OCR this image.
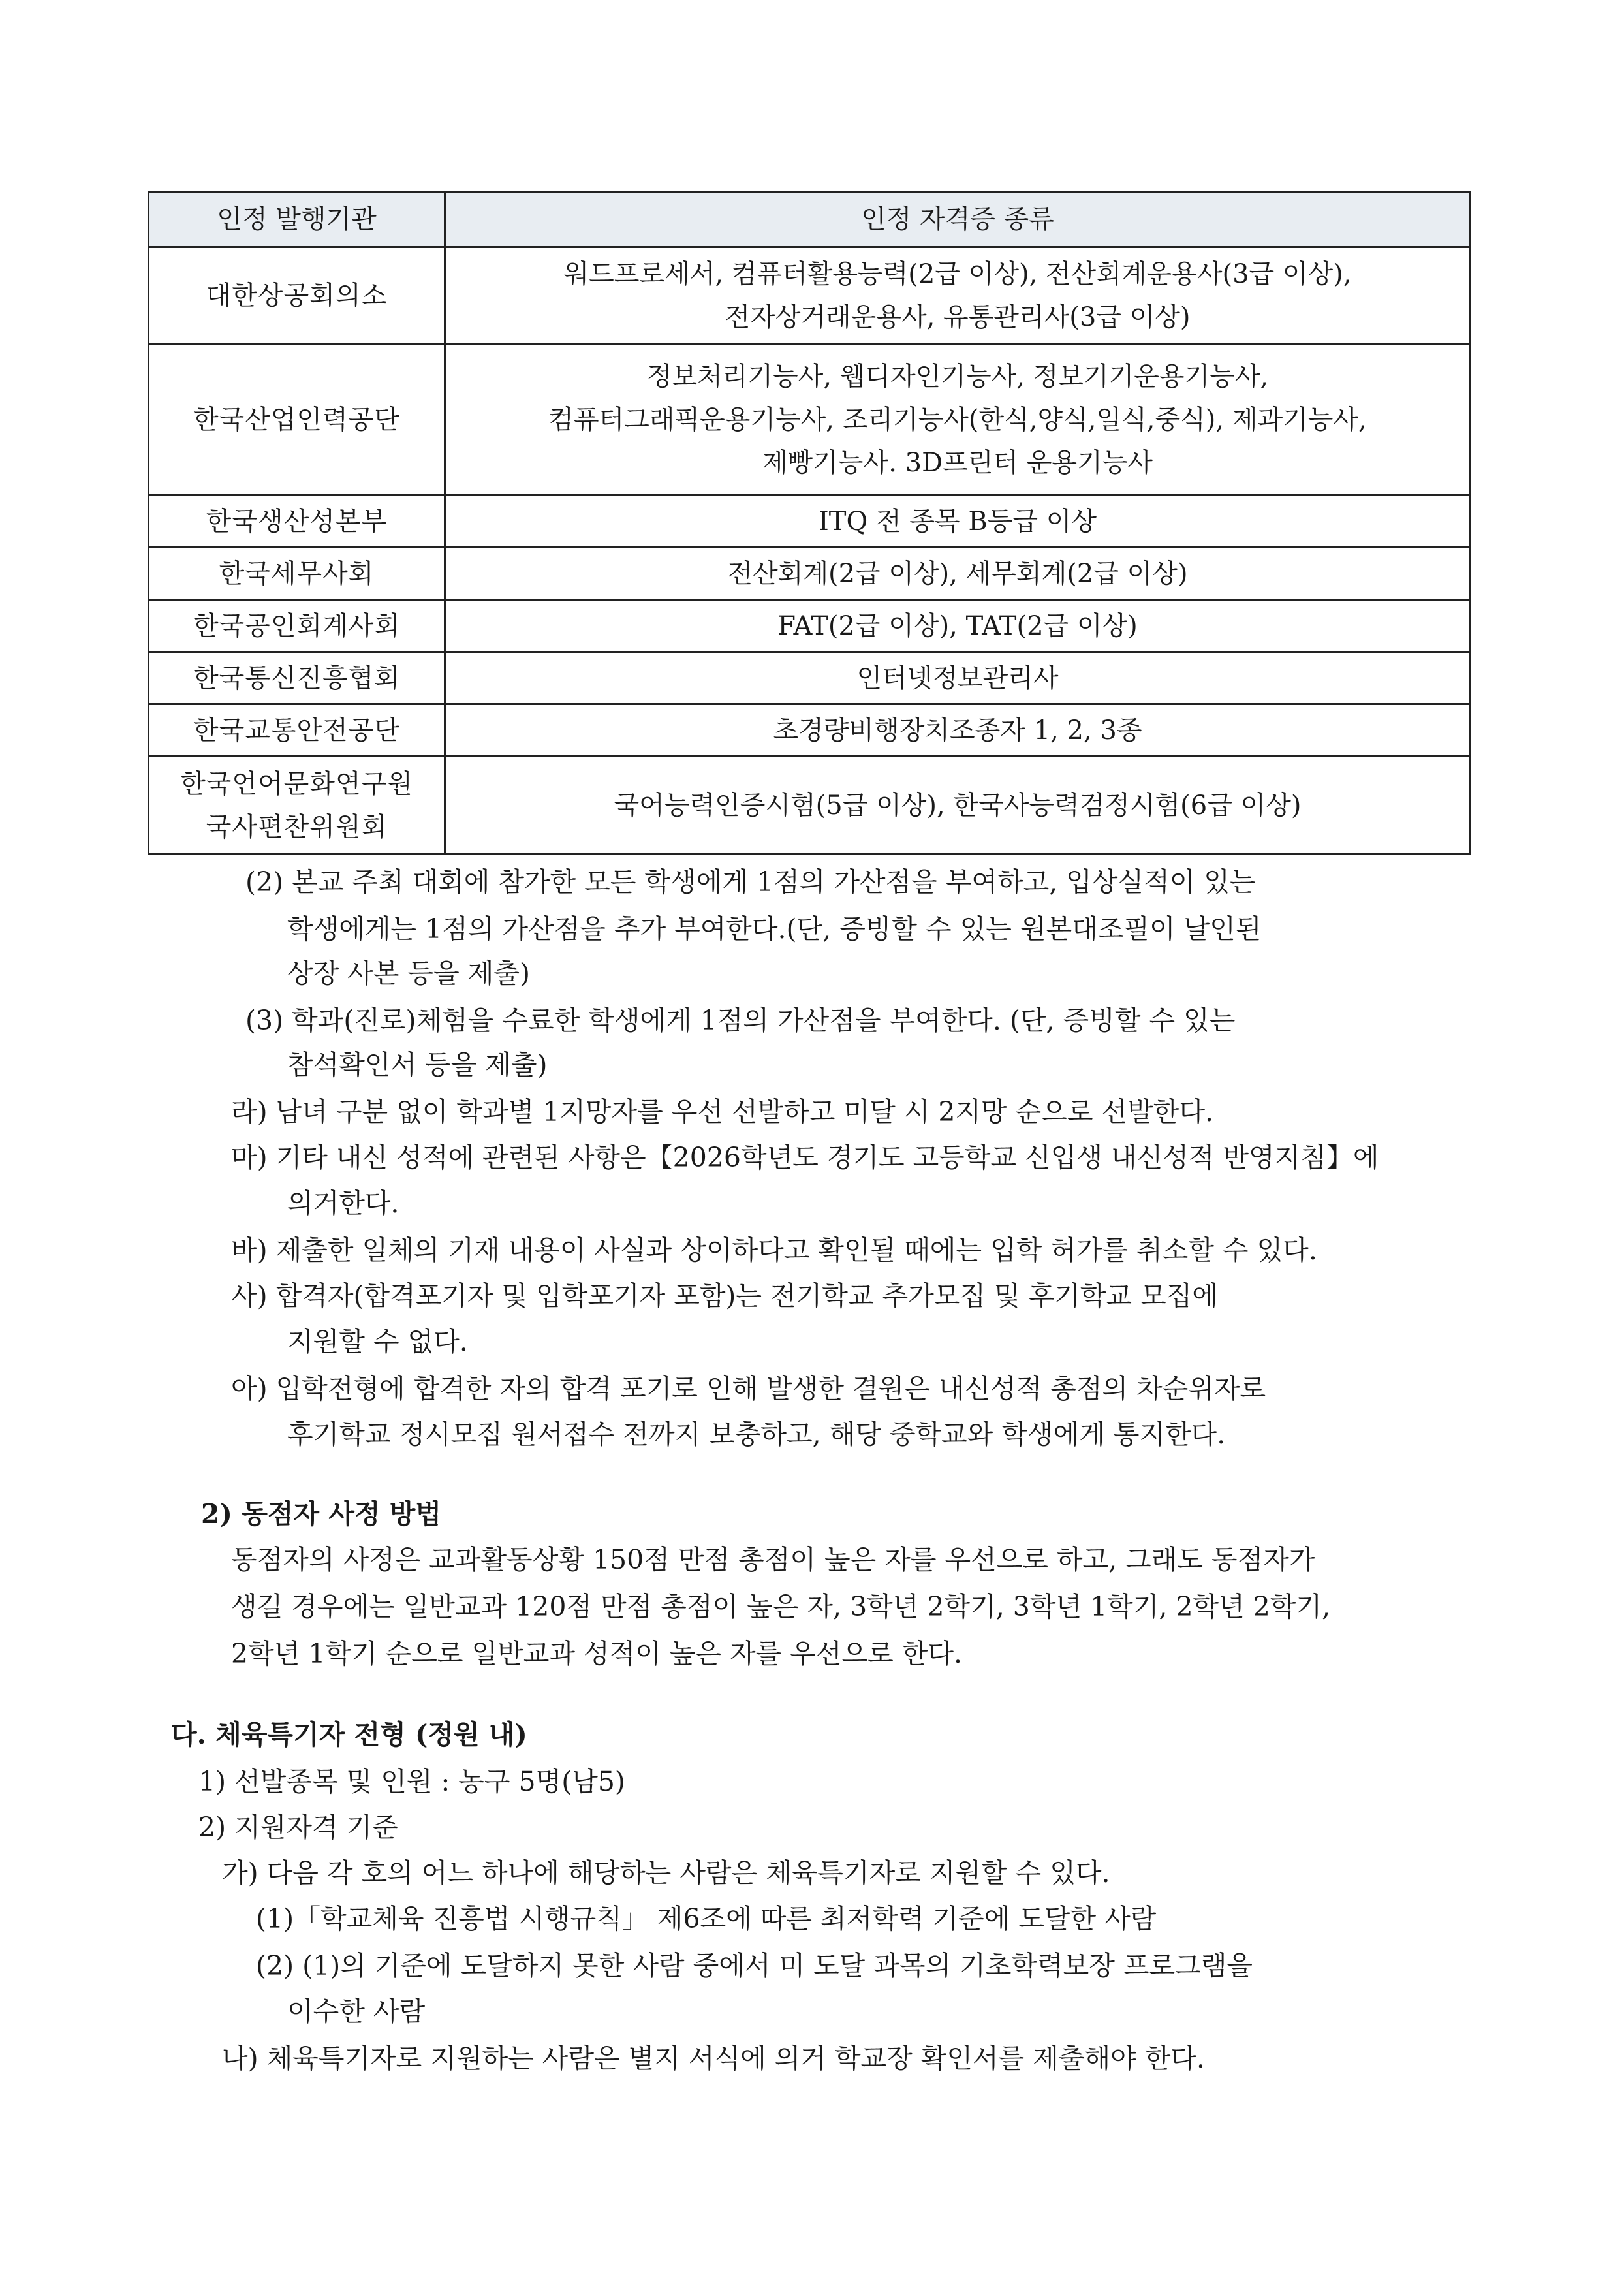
인정 발행기관	인정 자격증 종류
대한상공회의소	워드프로세서, 컴퓨터활용능력(2급 이상), 전산회계운용사(3급 이상),
전자상거래운용사, 유통관리사(3급 이상)

한국산업인력공단	정보처리기능사, 웹디자인기능사, 정보기기운용기능사,
컴퓨터그래픽운용기능사, 조리기능사(한식,양식,일식,중식), 제과기능사,
제빵기능사. 3D프린터 운용기능사

한국생산성본부	ITQ 전 종목 B등급 이상
한국세무사회	전산회계(2급 이상), 세무회계(2급 이상)
한국공인회계사회	FAT(2급 이상), TAT(2급 이상)
한국통신진흥협회	인터넷정보관리사
한국교통안전공단	초경량비행장치조종자 1, 2, 3종

한국언어문화연구원
국사편찬위원회	국어능력인증시험(5급 이상), 한국사능력검정시험(6급 이상)
(2) 본교 주최 대회에 참가한 모든 학생에게 1점의 가산점을 부여하고, 입상실적이 있는
학생에게는 1점의 가산점을 추가 부여한다.(단, 증빙할 수 있는 원본대조필이 날인된
상장 사본 등을 제출)
(3) 학과(진로)체험을 수료한 학생에게 1점의 가산점을 부여한다. (단, 증빙할 수 있는
참석확인서 등을 제출)
라) 남녀 구분 없이 학과별 1지망자를 우선 선발하고 미달 시 2지망 순으로 선발한다.
마) 기타 내신 성적에 관련된 사항은【2026학년도 경기도 고등학교 신입생 내신성적 반영지침】에
의거한다.
바) 제출한 일체의 기재 내용이 사실과 상이하다고 확인될 때에는 입학 허가를 취소할 수 있다.
사) 합격자(합격포기자 및 입학포기자 포함)는 전기학교 추가모집 및 후기학교 모집에
지원할 수 없다.
아) 입학전형에 합격한 자의 합격 포기로 인해 발생한 결원은 내신성적 총점의 차순위자로
후기학교 정시모집 원서접수 전까지 보충하고, 해당 중학교와 학생에게 통지한다.
2) 동점자 사정 방법
동점자의 사정은 교과활동상황 150점 만점 총점이 높은 자를 우선으로 하고, 그래도 동점자가
생길 경우에는 일반교과 120점 만점 총점이 높은 자, 3학년 2학기, 3학년 1학기, 2학년 2학기,
2학년 1학기 순으로 일반교과 성적이 높은 자를 우선으로 한다.
다. 체육특기자 전형 (정원 내)
1) 선발종목 및 인원 : 농구 5명(남5)
2) 지원자격 기준
가) 다음 각 호의 어느 하나에 해당하는 사람은 체육특기자로 지원할 수 있다.
(1)「학교체육 진흥법 시행규칙」 제6조에 따른 최저학력 기준에 도달한 사람
(2) (1)의 기준에 도달하지 못한 사람 중에서 미 도달 과목의 기초학력보장 프로그램을
이수한 사람
나) 체육특기자로 지원하는 사람은 별지 서식에 의거 학교장 확인서를 제출해야 한다.
